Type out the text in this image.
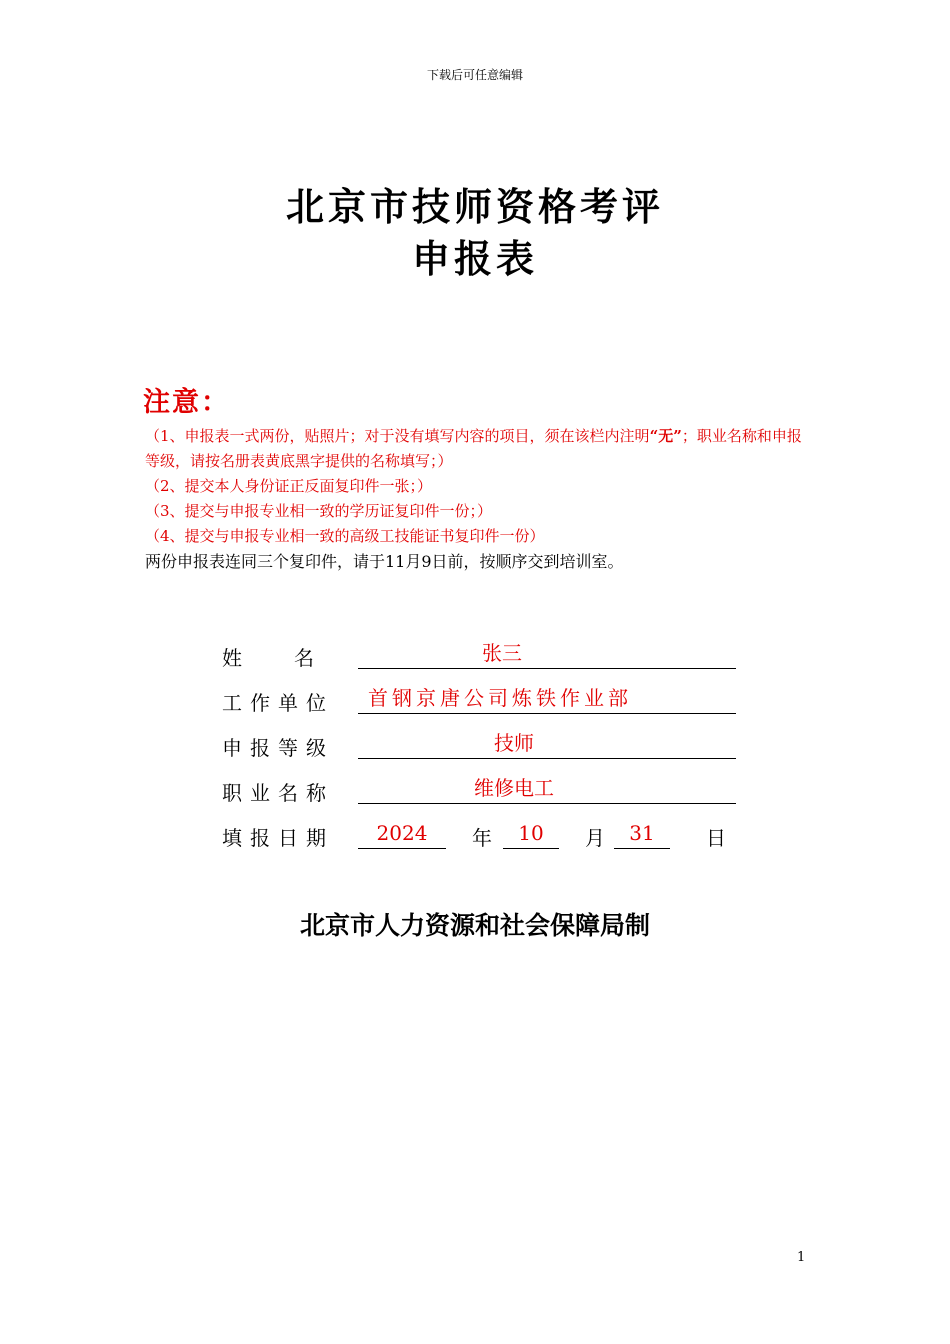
下载后可任意编辑
北京市技师资格考评
申报表
注意：

（1、申报表一式两份，贴照片；对于没有填写内容的项目，须在该栏内注明“无”；职业名称和申报等级，请按名册表黄底黑字提供的名称填写；）

（2、提交本人身份证正反面复印件一张；）

（3、提交与申报专业相一致的学历证复印件一份；）

（4、提交与申报专业相一致的高级工技能证书复印件一份）

两份申报表连同三个复印件，请于11月9日前，按顺序交到培训室。

姓名	张三
工作单位	首钢京唐公司炼铁作业部
申报等级	技师
职业名称	维修电工
填报日期	2024	年	10	月	31	日
北京市人力资源和社会保障局制
1
